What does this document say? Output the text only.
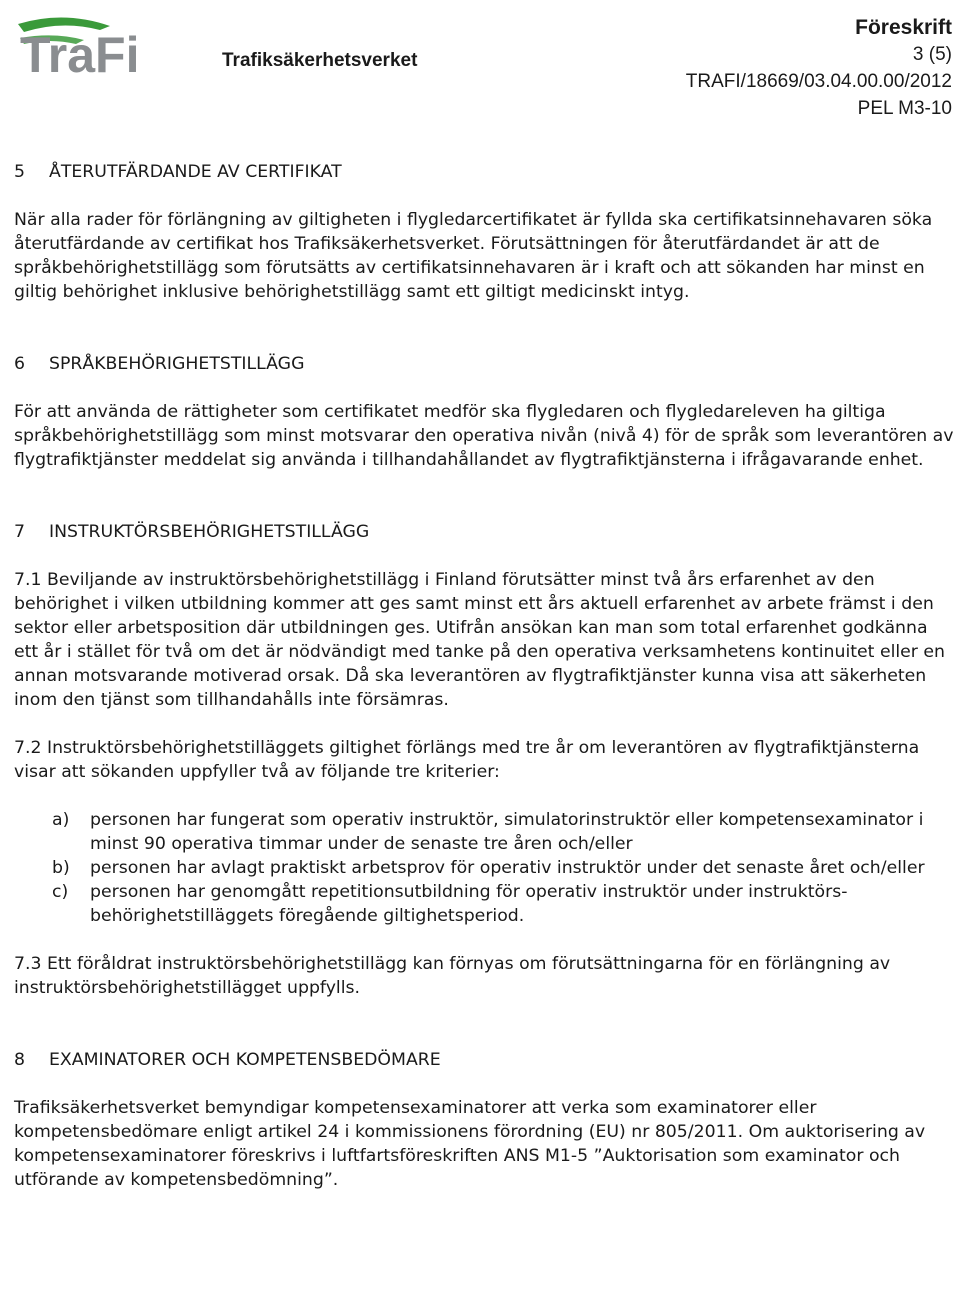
TraFi	Trafiksäkerhetsverket
Föreskrift
3 (5)
TRAFI/18669/03.04.00.00/2012
PEL M3-10
5 ÅTERUTFÄRDANDE AV CERTIFIKAT

När alla rader för förlängning av giltigheten i flygledarcertifikatet är fyllda ska certifikatsinnehavaren söka återutfärdande av certifikat hos Trafiksäkerhetsverket. Förutsättningen för återutfärdandet är att de språkbehörighetstillägg som förutsätts av certifikatsinnehavaren är i kraft och att sökanden har minst en giltig behörighet inklusive behörighetstillägg samt ett giltigt medicinskt intyg.

6 SPRÅKBEHÖRIGHETSTILLÄGG

För att använda de rättigheter som certifikatet medför ska flygledaren och flygledareleven ha giltiga språkbehörighetstillägg som minst motsvarar den operativa nivån (nivå 4) för de språk som leverantören av flygtrafiktjänster meddelat sig använda i tillhandahållandet av flygtrafiktjänsterna i ifrågavarande enhet.

7 INSTRUKTÖRSBEHÖRIGHETSTILLÄGG

7.1 Beviljande av instruktörsbehörighetstillägg i Finland förutsätter minst två års erfarenhet av den behörighet i vilken utbildning kommer att ges samt minst ett års aktuell erfarenhet av arbete främst i den sektor eller arbetsposition där utbildningen ges. Utifrån ansökan kan man som total erfarenhet godkänna ett år i stället för två om det är nödvändigt med tanke på den operativa verksamhetens kontinuitet eller en annan motsvarande motiverad orsak. Då ska leverantören av flygtrafiktjänster kunna visa att säkerheten inom den tjänst som tillhandahålls inte försämras.

7.2 Instruktörsbehörighetstilläggets giltighet förlängs med tre år om leverantören av flygtrafiktjänsterna visar att sökanden uppfyller två av följande tre kriterier:

a) personen har fungerat som operativ instruktör, simulatorinstruktör eller kompetensexaminator i minst 90 operativa timmar under de senaste tre åren och/eller
b) personen har avlagt praktiskt arbetsprov för operativ instruktör under det senaste året och/eller
c) personen har genomgått repetitionsutbildning för operativ instruktör under instruktörsbehörighetstilläggets föregående giltighetsperiod.

7.3 Ett föråldrat instruktörsbehörighetstillägg kan förnyas om förutsättningarna för en förlängning av instruktörsbehörighetstillägget uppfylls.

8 EXAMINATORER OCH KOMPETENSBEDÖMARE

Trafiksäkerhetsverket bemyndigar kompetensexaminatorer att verka som examinatorer eller kompetensbedömare enligt artikel 24 i kommissionens förordning (EU) nr 805/2011. Om auktorisering av kompetensexaminatorer föreskrivs i luftfartsföreskriften ANS M1-5 ”Auktorisation som examinator och utförande av kompetensbedömning”.
